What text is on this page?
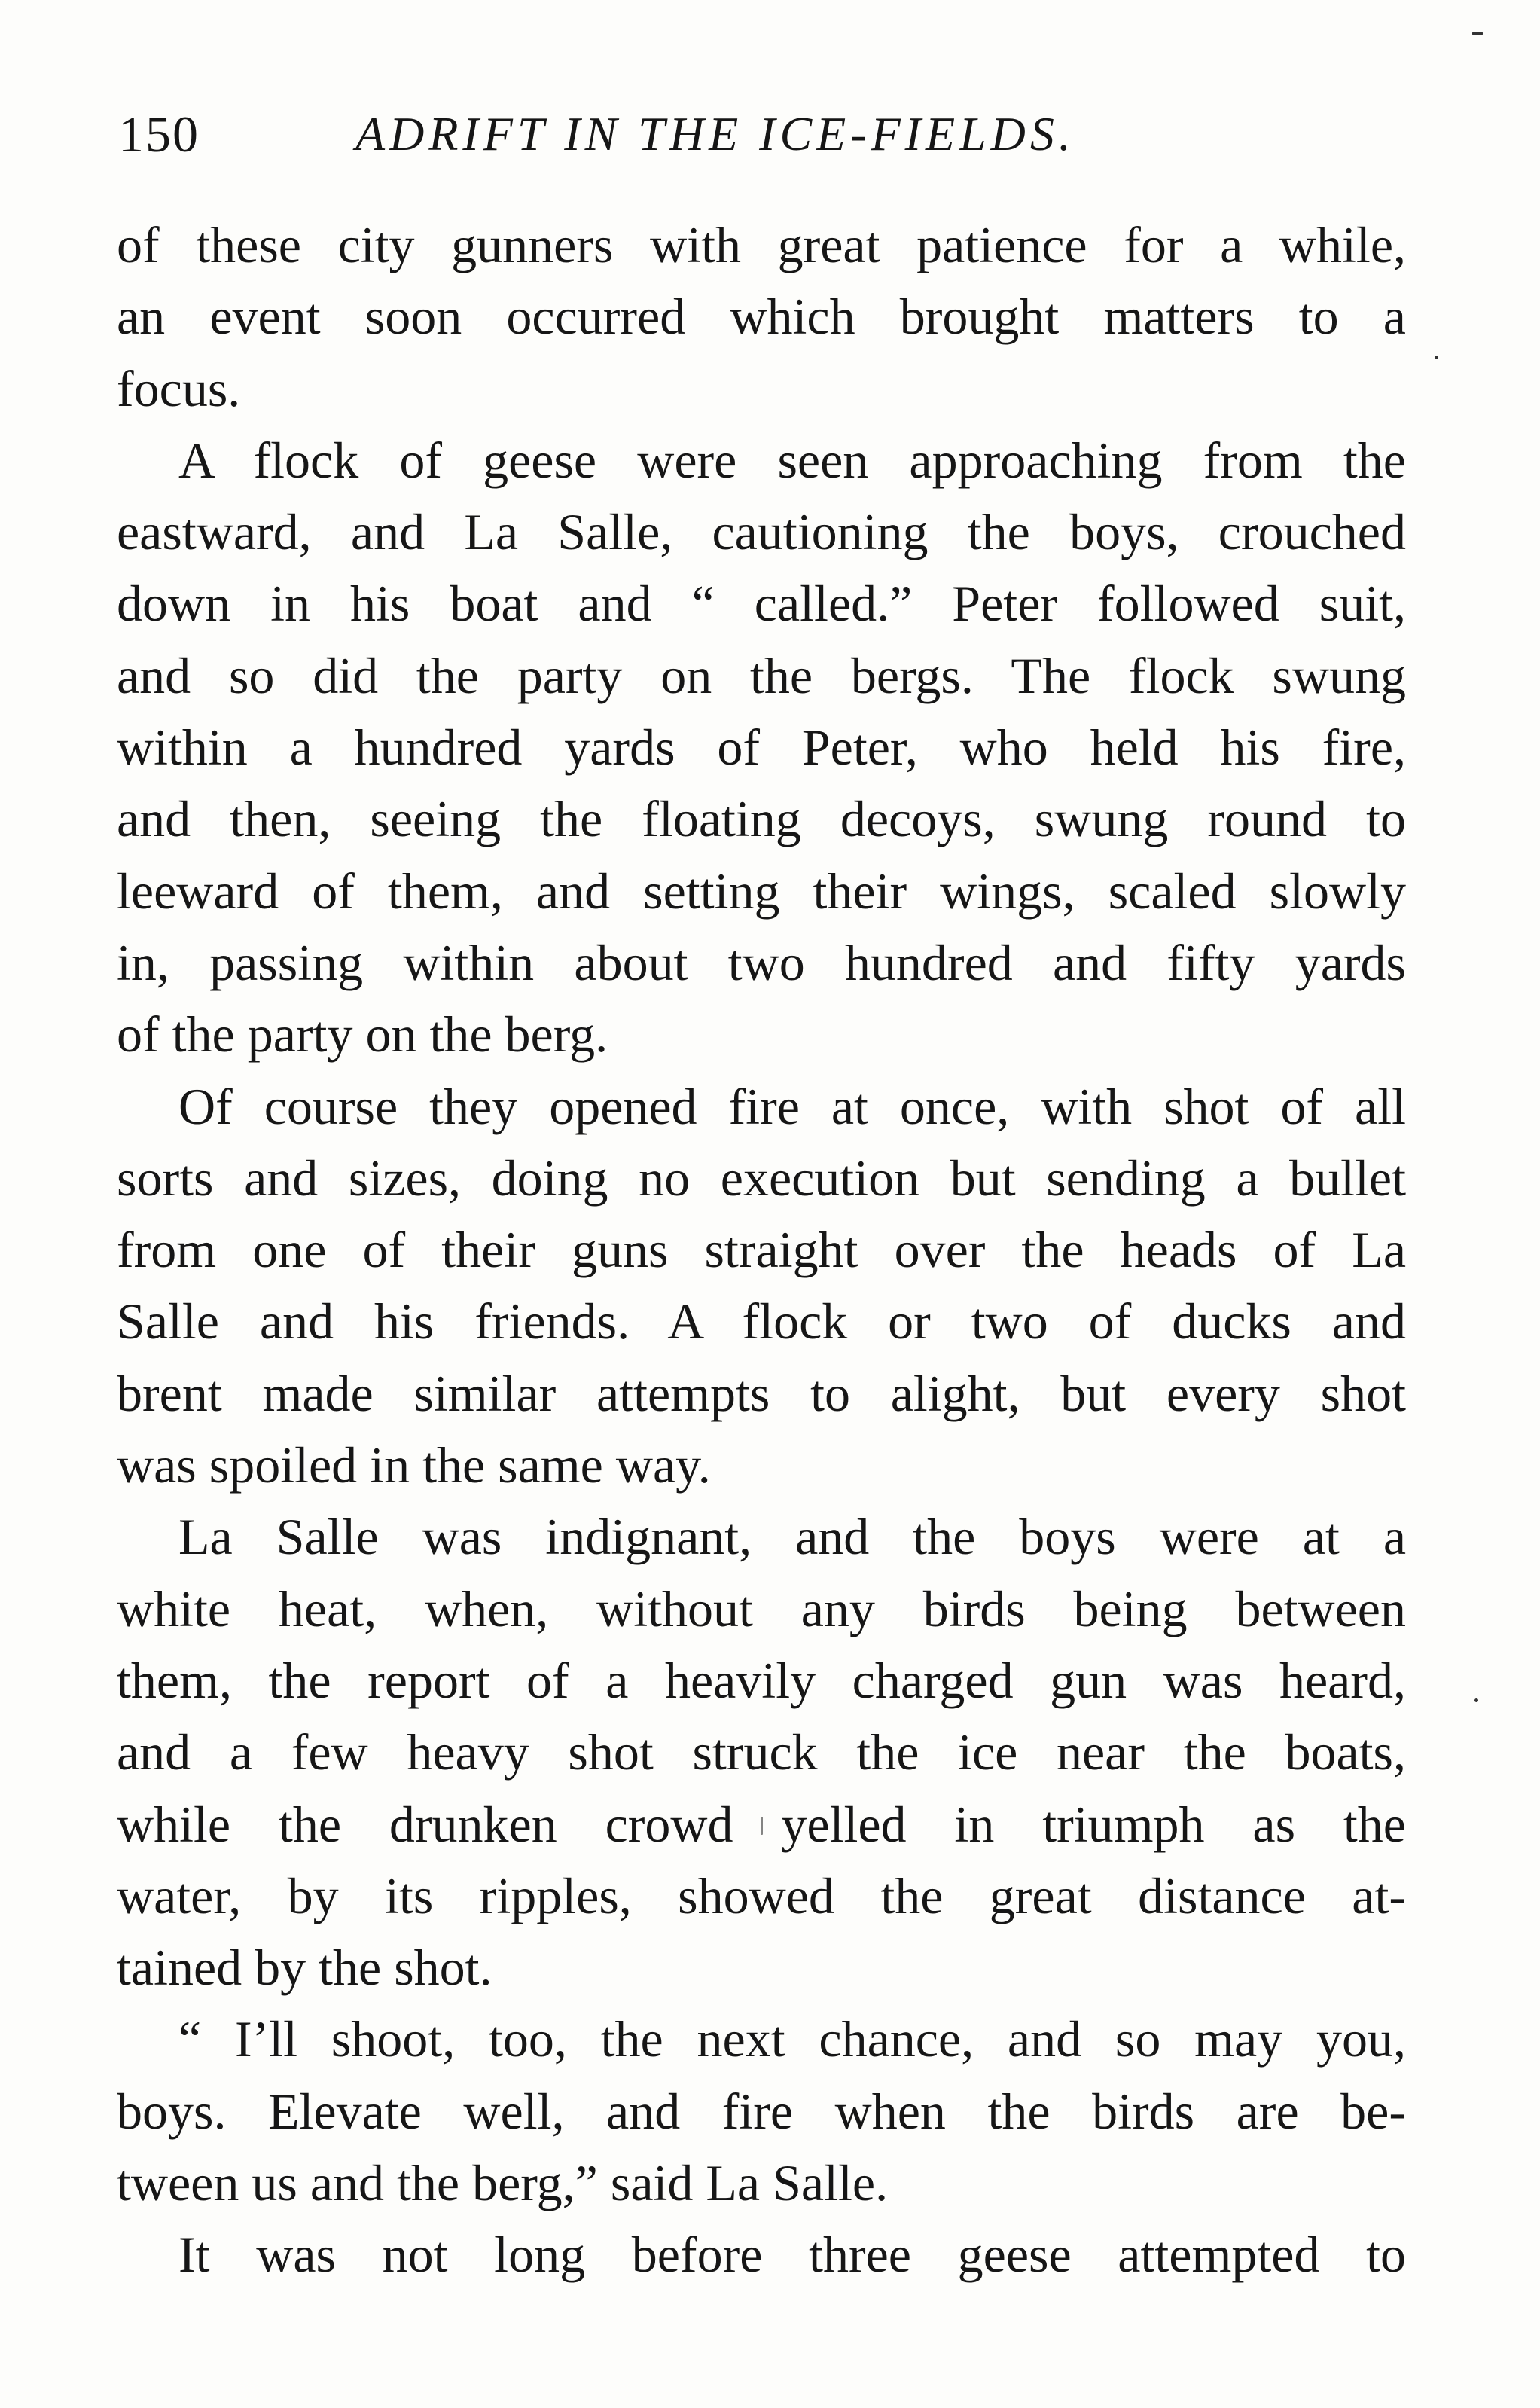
150	ADRIFT IN THE ICE-FIELDS.
of these city gunners with great patience for a while,
an event soon occurred which brought matters to a
focus.
A flock of geese were seen approaching from the
eastward, and La Salle, cautioning the boys, crouched
down in his boat and “ called.” Peter followed suit,
and so did the party on the bergs. The flock swung
within a hundred yards of Peter, who held his fire,
and then, seeing the floating decoys, swung round to
leeward of them, and setting their wings, scaled slowly
in, passing within about two hundred and fifty yards
of the party on the berg.
Of course they opened fire at once, with shot of all
sorts and sizes, doing no execution but sending a bullet
from one of their guns straight over the heads of La
Salle and his friends. A flock or two of ducks and
brent made similar attempts to alight, but every shot
was spoiled in the same way.
La Salle was indignant, and the boys were at a
white heat, when, without any birds being between
them, the report of a heavily charged gun was heard,
and a few heavy shot struck the ice near the boats,
while the drunken crowd yelled in triumph as the
water, by its ripples, showed the great distance at-
tained by the shot.
“ I’ll shoot, too, the next chance, and so may you,
boys. Elevate well, and fire when the birds are be-
tween us and the berg,” said La Salle.
It was not long before three geese attempted to
